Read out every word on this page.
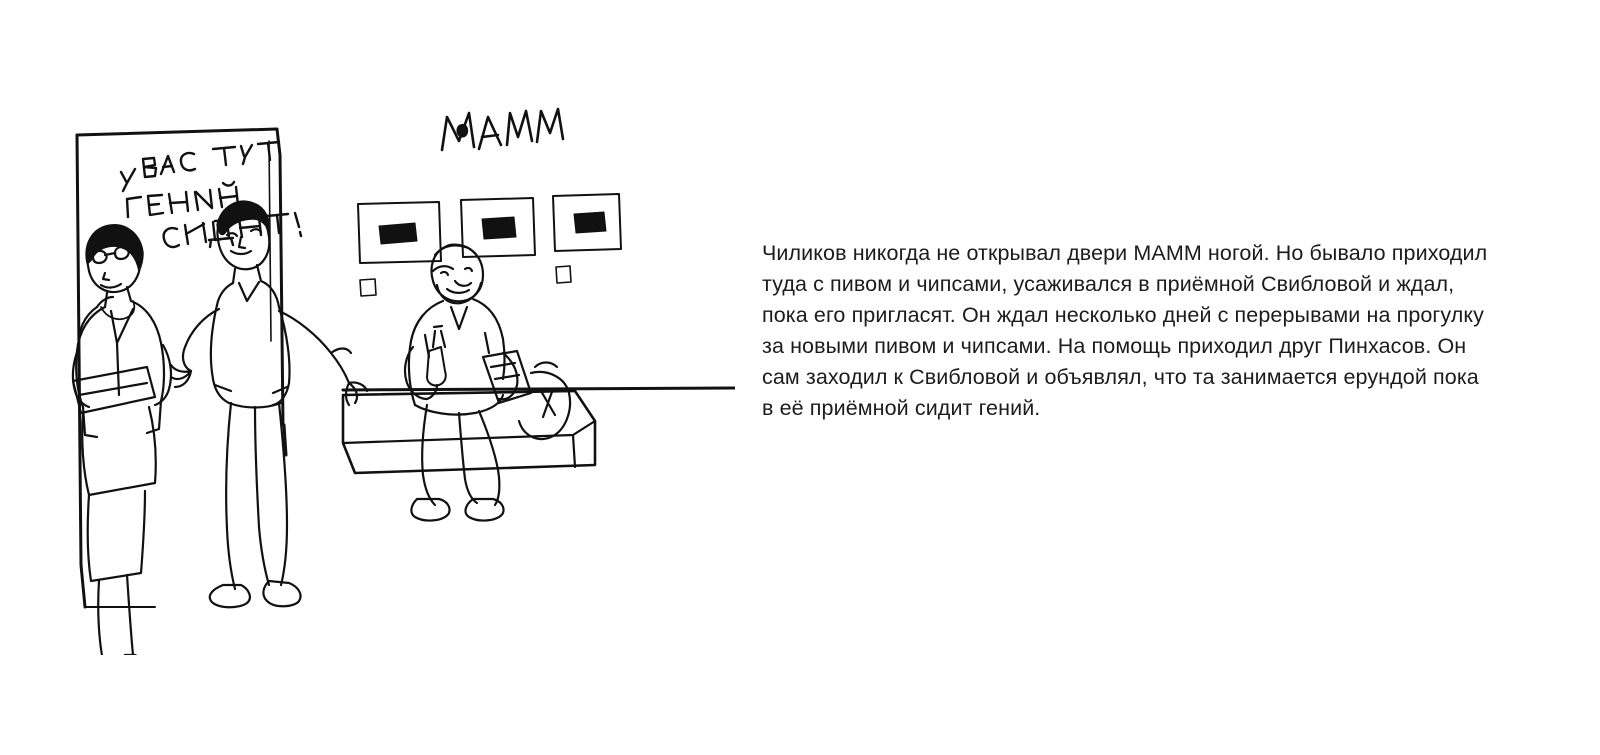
Чиликов никогда не открывал двери МАММ ногой. Но бывало приходил туда с пивом и чипсами, усаживался в приёмной Свибловой и ждал, пока его пригласят. Он ждал несколько дней с перерывами на прогулку за новыми пивом и чипсами. На помощь приходил друг Пинхасов. Он сам заходил к Свибловой и объявлял, что та занимается ерундой пока в её приёмной сидит гений.
